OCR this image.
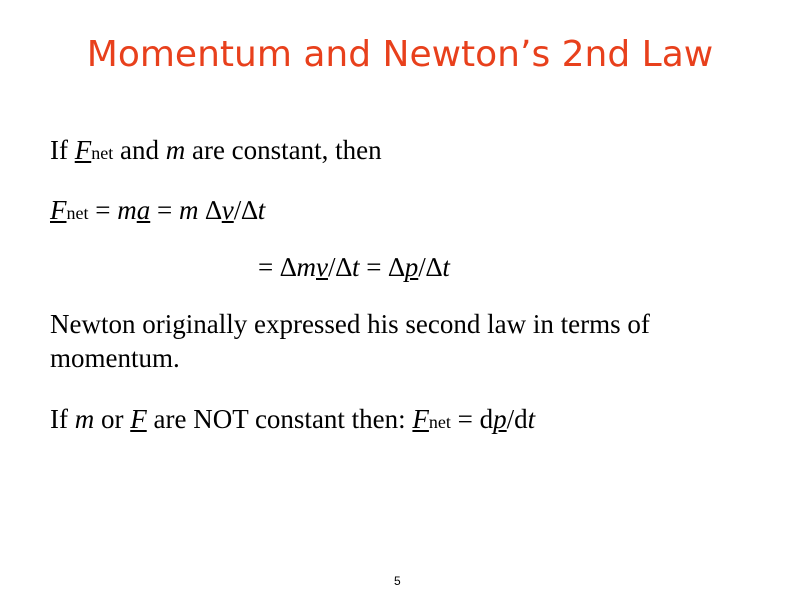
Momentum and Newton’s 2nd Law
If Fnet and m are constant, then
Fnet = ma = m ∆v/∆t
= ∆mv/∆t = ∆p/∆t
Newton originally expressed his second law in terms of momentum.
If m or F are NOT constant then: Fnet = dp/dt
5
